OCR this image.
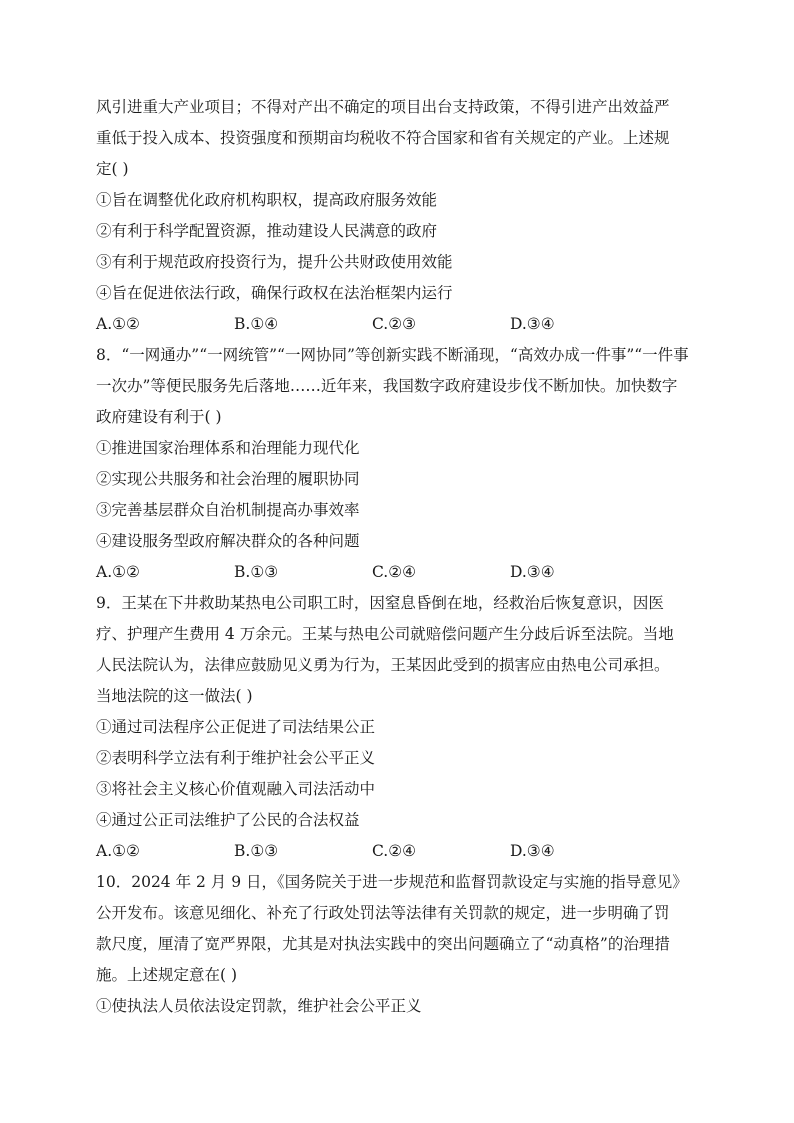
风引进重大产业项目；不得对产出不确定的项目出台支持政策，不得引进产出效益严
重低于投入成本、投资强度和预期亩均税收不符合国家和省有关规定的产业。上述规
定( )
①旨在调整优化政府机构职权，提高政府服务效能
②有利于科学配置资源，推动建设人民满意的政府
③有利于规范政府投资行为，提升公共财政使用效能
④旨在促进依法行政，确保行政权在法治框架内运行
A.①②	B.①④	C.②③	D.③④
8．“一网通办”“一网统管”“一网协同”等创新实践不断涌现，“高效办成一件事”“一件事
一次办”等便民服务先后落地……近年来，我国数字政府建设步伐不断加快。加快数字
政府建设有利于( )
①推进国家治理体系和治理能力现代化
②实现公共服务和社会治理的履职协同
③完善基层群众自治机制提高办事效率
④建设服务型政府解决群众的各种问题
A.①②	B.①③	C.②④	D.③④
9．王某在下井救助某热电公司职工时，因窒息昏倒在地，经救治后恢复意识，因医
疗、护理产生费用 4 万余元。王某与热电公司就赔偿问题产生分歧后诉至法院。当地
人民法院认为，法律应鼓励见义勇为行为，王某因此受到的损害应由热电公司承担。
当地法院的这一做法( )
①通过司法程序公正促进了司法结果公正
②表明科学立法有利于维护社会公平正义
③将社会主义核心价值观融入司法活动中
④通过公正司法维护了公民的合法权益
A.①②	B.①③	C.②④	D.③④
10．2024 年 2 月 9 日，《国务院关于进一步规范和监督罚款设定与实施的指导意见》
公开发布。该意见细化、补充了行政处罚法等法律有关罚款的规定，进一步明确了罚
款尺度，厘清了宽严界限，尤其是对执法实践中的突出问题确立了“动真格”的治理措
施。上述规定意在( )
①使执法人员依法设定罚款，维护社会公平正义
